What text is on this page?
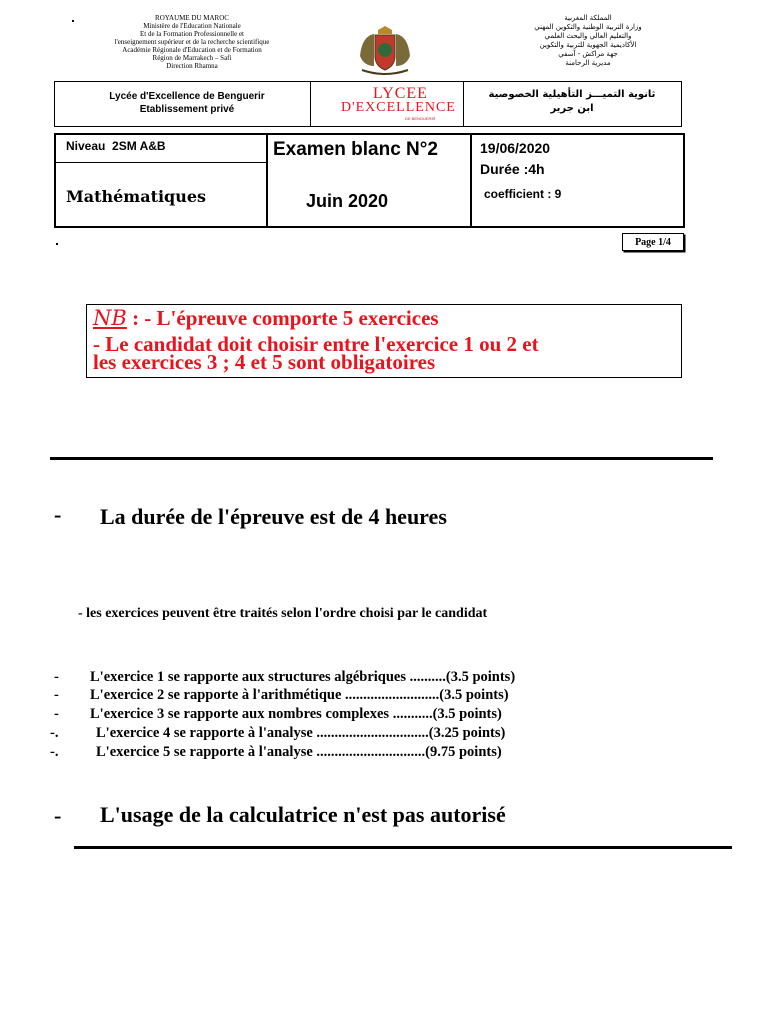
ROYAUME DU MAROC
Ministère de l'Education Nationale
Et de la Formation Professionnelle et
l'enseignement supérieur et de la recherche scientifique
Académie Régionale d'Education et de Formation
Région de Marrakech – Safi
Direction Rhamna
المملكة المغربية
وزارة التربية الوطنية والتكوين المهني
والتعليم العالي والبحث العلمي
الأكاديمية الجهوية للتربية والتكوين
جهة مراكش - آسفي
مديرية الرحامنة
Lycée d'Excellence de Benguerir
Etablissement privé
LYCEE
D'EXCELLENCE
DE BENGUERIR
ثانوية التميـــز التأهيلية الخصوصية
ابن جرير
Niveau  2SM A&B
Mathématiques
Examen blanc N°2
Juin 2020
19/06/2020
Durée :4h
coefficient : 9
Page 1/4
NB : - L'épreuve comporte 5 exercices
- Le candidat doit choisir entre l'exercice 1 ou 2 et
les exercices 3 ; 4 et 5 sont obligatoires
- La durée de l'épreuve est de 4 heures
- les exercices peuvent être traités selon l'ordre choisi par le candidat
- L'exercice 1 se rapporte aux structures algébriques ..........(3.5 points)
- L'exercice 2 se rapporte à l'arithmétique ..........................(3.5 points)
- L'exercice 3 se rapporte aux nombres complexes ...........(3.5 points)
-.	L'exercice 4 se rapporte à l'analyse ...............................(3.25 points)
-.	L'exercice 5 se rapporte à l'analyse ..............................(9.75 points)
- L'usage de la calculatrice n'est pas autorisé
